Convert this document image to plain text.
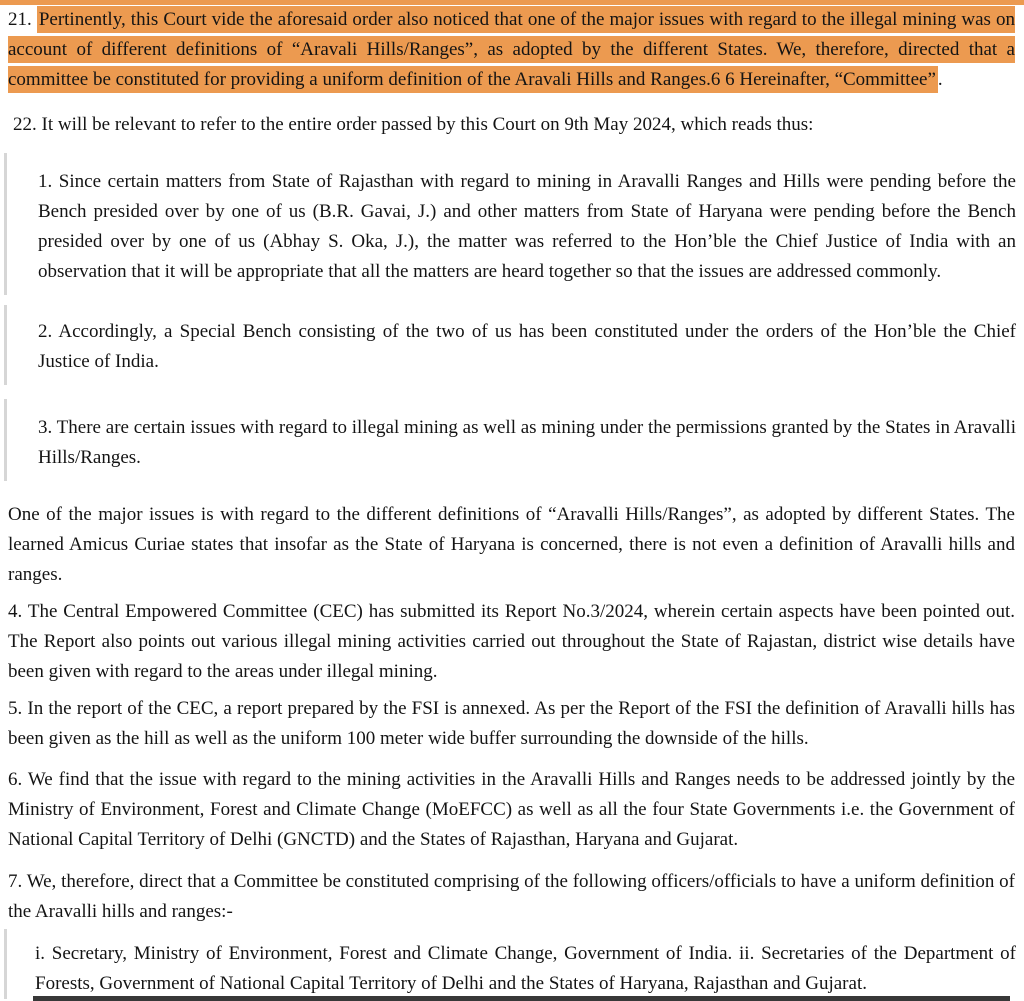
21. Pertinently, this Court vide the aforesaid order also noticed that one of the major issues with regard to the illegal mining was on account of different definitions of “Aravali Hills/Ranges”, as adopted by the different States. We, therefore, directed that a committee be constituted for providing a uniform definition of the Aravali Hills and Ranges.6 6 Hereinafter, “Committee” .

22. It will be relevant to refer to the entire order passed by this Court on 9th May 2024, which reads thus:

1. Since certain matters from State of Rajasthan with regard to mining in Aravalli Ranges and Hills were pending before the Bench presided over by one of us (B.R. Gavai, J.) and other matters from State of Haryana were pending before the Bench presided over by one of us (Abhay S. Oka, J.), the matter was referred to the Hon’ble the Chief Justice of India with an observation that it will be appropriate that all the matters are heard together so that the issues are addressed commonly.
2. Accordingly, a Special Bench consisting of the two of us has been constituted under the orders of the Hon’ble the Chief Justice of India.
3. There are certain issues with regard to illegal mining as well as mining under the permissions granted by the States in Aravalli Hills/Ranges.

One of the major issues is with regard to the different definitions of “Aravalli Hills/Ranges”, as adopted by different States. The learned Amicus Curiae states that insofar as the State of Haryana is concerned, there is not even a definition of Aravalli hills and ranges.

4. The Central Empowered Committee (CEC) has submitted its Report No.3/2024, wherein certain aspects have been pointed out. The Report also points out various illegal mining activities carried out throughout the State of Rajastan, district wise details have been given with regard to the areas under illegal mining.

5. In the report of the CEC, a report prepared by the FSI is annexed. As per the Report of the FSI the definition of Aravalli hills has been given as the hill as well as the uniform 100 meter wide buffer surrounding the downside of the hills.

6. We find that the issue with regard to the mining activities in the Aravalli Hills and Ranges needs to be addressed jointly by the Ministry of Environment, Forest and Climate Change (MoEFCC) as well as all the four State Governments i.e. the Government of National Capital Territory of Delhi (GNCTD) and the States of Rajasthan, Haryana and Gujarat.

7. We, therefore, direct that a Committee be constituted comprising of the following officers/officials to have a uniform definition of the Aravalli hills and ranges:-

i. Secretary, Ministry of Environment, Forest and Climate Change, Government of India. ii. Secretaries of the Department of Forests, Government of National Capital Territory of Delhi and the States of Haryana, Rajasthan and Gujarat.
